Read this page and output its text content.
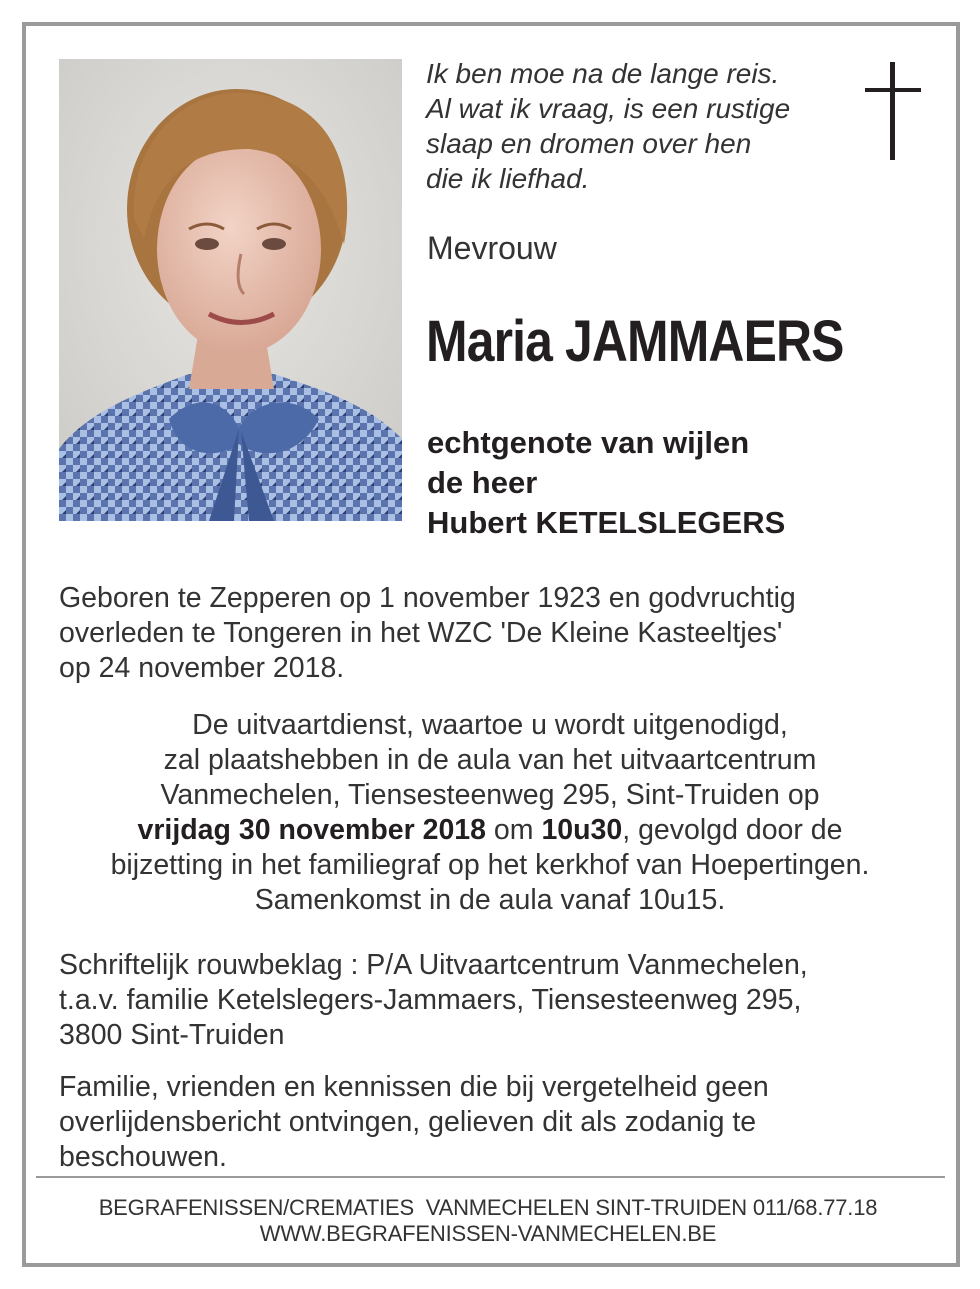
Ik ben moe na de lange reis.
Al wat ik vraag, is een rustige
slaap en dromen over hen
die ik liefhad.
Mevrouw
Maria JAMMAERS
echtgenote van wijlen
de heer
Hubert KETELSLEGERS
Geboren te Zepperen op 1 november 1923 en godvruchtig
overleden te Tongeren in het WZC 'De Kleine Kasteeltjes'
op 24 november 2018.
De uitvaartdienst, waartoe u wordt uitgenodigd,
zal plaatshebben in de aula van het uitvaartcentrum
Vanmechelen, Tiensesteenweg 295, Sint-Truiden op
vrijdag 30 november 2018 om 10u30, gevolgd door de
bijzetting in het familiegraf op het kerkhof van Hoepertingen.
Samenkomst in de aula vanaf 10u15.
Schriftelijk rouwbeklag : P/A Uitvaartcentrum Vanmechelen,
t.a.v. familie Ketelslegers-Jammaers, Tiensesteenweg 295,
3800 Sint-Truiden
Familie, vrienden en kennissen die bij vergetelheid geen
overlijdensbericht ontvingen, gelieven dit als zodanig te
beschouwen.
BEGRAFENISSEN/CREMATIES  VANMECHELEN SINT-TRUIDEN 011/68.77.18
WWW.BEGRAFENISSEN-VANMECHELEN.BE
